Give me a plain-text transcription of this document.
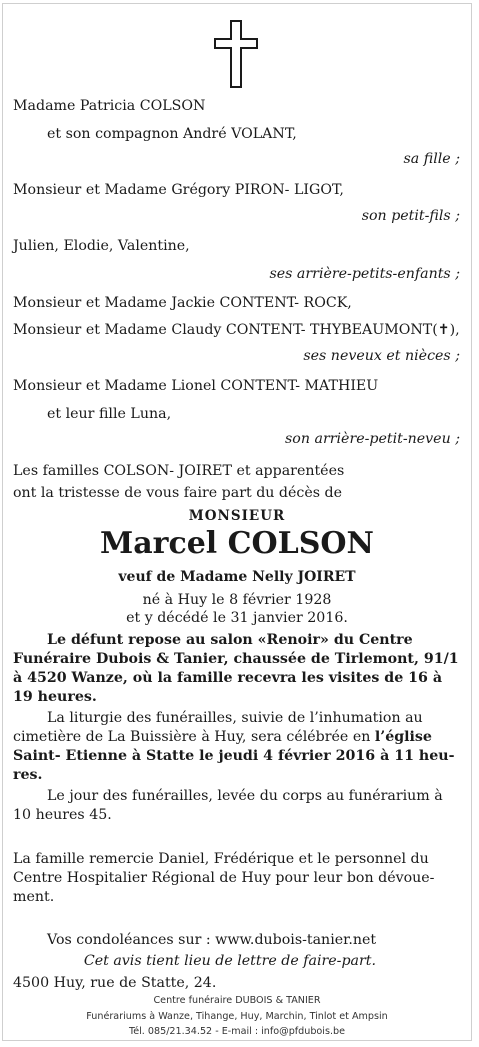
Madame Patricia COLSON
et son compagnon André VOLANT,
sa fille ;
Monsieur et Madame Grégory PIRON- LIGOT,
son petit-fils ;
Julien, Elodie, Valentine,
ses arrière-petits-enfants ;
Monsieur et Madame Jackie CONTENT- ROCK,
Monsieur et Madame Claudy CONTENT- THYBEAUMONT(✝),
ses neveux et nièces ;
Monsieur et Madame Lionel CONTENT- MATHIEU
et leur fille Luna,
son arrière-petit-neveu ;
Les familles COLSON- JOIRET et apparentées
ont la tristesse de vous faire part du décès de
MONSIEUR
Marcel COLSON
veuf de Madame Nelly JOIRET
né à Huy le 8 février 1928
et y décédé le 31 janvier 2016.
Le défunt repose au salon «Renoir» du Centre
Funéraire Dubois & Tanier, chaussée de Tirlemont, 91/1
à 4520 Wanze, où la famille recevra les visites de 16 à
19 heures.
La liturgie des funérailles, suivie de l’inhumation au
cimetière de La Buissière à Huy, sera célébrée en l’église
Saint- Etienne à Statte le jeudi 4 février 2016 à 11 heu-
res.
Le jour des funérailles, levée du corps au funérarium à
10 heures 45.
La famille remercie Daniel, Frédérique et le personnel du
Centre Hospitalier Régional de Huy pour leur bon dévoue-
ment.
Vos condoléances sur : www.dubois-tanier.net
Cet avis tient lieu de lettre de faire-part.
4500 Huy, rue de Statte, 24.
Centre funéraire DUBOIS & TANIER
Funérariums à Wanze, Tihange, Huy, Marchin, Tinlot et Ampsin
Tél. 085/21.34.52 - E-mail : info@pfdubois.be
